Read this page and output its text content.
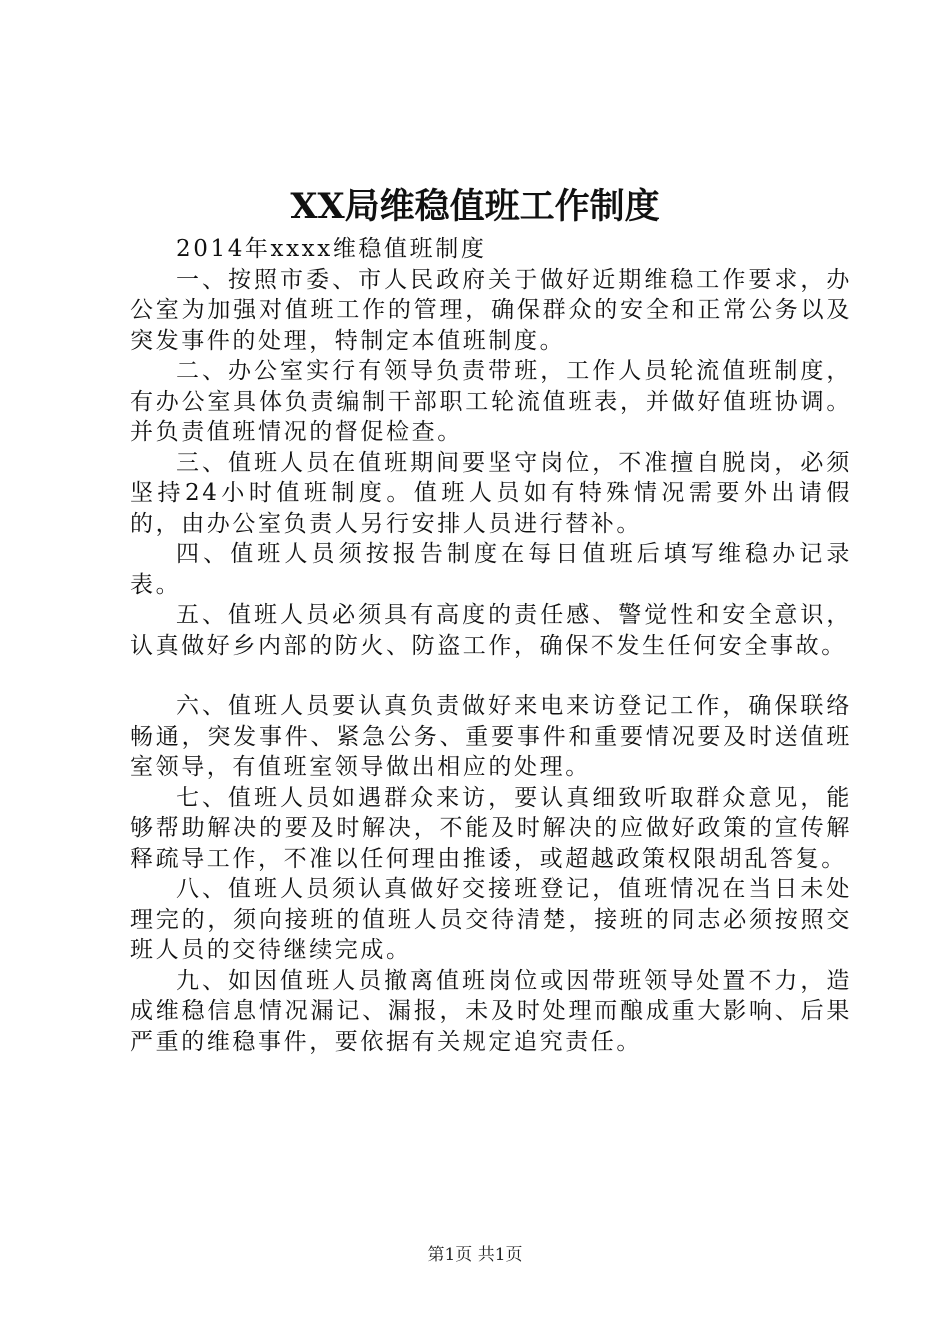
XX局维稳值班工作制度

2014年xxxx维稳值班制度

一、按照市委、市人民政府关于做好近期维稳工作要求，办公室为加强对值班工作的管理，确保群众的安全和正常公务以及突发事件的处理，特制定本值班制度。

二、办公室实行有领导负责带班，工作人员轮流值班制度，有办公室具体负责编制干部职工轮流值班表，并做好值班协调。并负责值班情况的督促检查。

三、值班人员在值班期间要坚守岗位，不准擅自脱岗，必须坚持24小时值班制度。值班人员如有特殊情况需要外出请假的，由办公室负责人另行安排人员进行替补。

四、值班人员须按报告制度在每日值班后填写维稳办记录表。

五、值班人员必须具有高度的责任感、警觉性和安全意识，认真做好乡内部的防火、防盗工作，确保不发生任何安全事故。

六、值班人员要认真负责做好来电来访登记工作，确保联络畅通，突发事件、紧急公务、重要事件和重要情况要及时送值班室领导，有值班室领导做出相应的处理。

七、值班人员如遇群众来访，要认真细致听取群众意见，能够帮助解决的要及时解决，不能及时解决的应做好政策的宣传解释疏导工作，不准以任何理由推诿，或超越政策权限胡乱答复。

八、值班人员须认真做好交接班登记，值班情况在当日未处理完的，须向接班的值班人员交待清楚，接班的同志必须按照交班人员的交待继续完成。

九、如因值班人员撤离值班岗位或因带班领导处置不力，造成维稳信息情况漏记、漏报，未及时处理而酿成重大影响、后果严重的维稳事件，要依据有关规定追究责任。

第1页 共1页
